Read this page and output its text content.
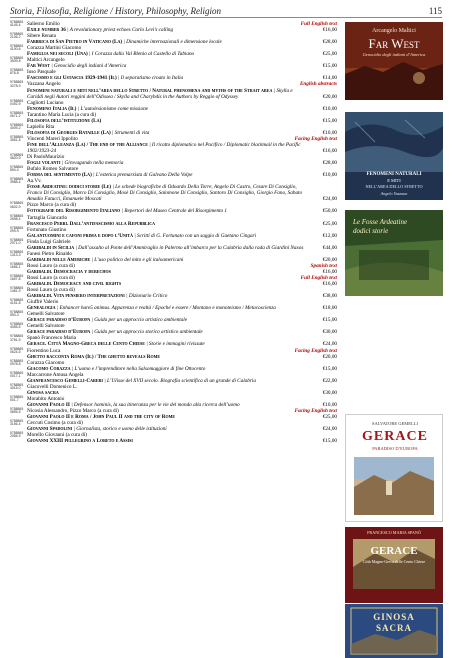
Storia, Filosofia, Religione / History, Philosophy, Religion	115
9788865
4145-4	Salierno Emilio	Full English text
Exile number 36 | A revolutionary priest echoes Carlo Levi’s calling	€16,00
9788865
2106-2	Sibere Renata
Fabbrica di San Pietro in Vaticano (La) | Dinamiche internazionali e dimensione locale	€28,00
9788865
4100-6	Corazza Martini Giacomo
Famiglia nei secoli (Una) | I Corazza dalla Val Blenio al Castello di Tabiano	€25,00
9788865
3509-8	Maltici Arcangelo
Far West | Genocidio degli indiani d’America	€15,00
9788865
876-8	Iuso Pasquale
Fascismo e gli Ustascia 1929-1941 (Il) | Il separatismo croato in Italia	€14,00
9788865
3278-9	Vazzana Angelo	English abstracts
Fenomeni naturali e miti nell’area dello Stretto / Natural phenomena and myths of the Strait area | Skylla e Cariddi negli Autori reggini dell’Odissea / Skylla and Charybdis in the Authors by Reggio of Odyssey	€20,00
9788865
0492-9	Cagliotti Luciano
Fenomeno Italia (Il) | L’autolesionismo come missione	€10,00
9788865
0671-2	Tarantino Maria Lucia (a cura di)
Filosofia dell’istituzione (La)	€15,00
9788865
4009-2	Lapiello Rita
Filosofia di Georges Bataille (La) | Strumenti di vita	€10,00
9788865
3551-8	Vincenti Mareri Ippolito	Facing English text
Fine dell’Alleanza (La) / The end of the Alliance | Il ricatto diplomatico nel Pacifico / Diplomatic blackmail in the Pacific 1902/1923-24	€16,00
9788865
4620-9	Di PaoloMaurizio
Fogli volanti | Girovagando nella memoria	€28,00
9788865
894-4	Bufalo Romeo Salvatore
Forma del sentimento (La) | L’estetica premarxista di Galvano Della Volpe	€10,00
9788865
3988-4	Aa.Vv.
Fosse Ardeatine: dodici storie (Le) | Le schede biografiche di Odoardo Della Torre, Angelo Di Castro, Cesare Di Consiglio, Franco Di Consiglio, Marco Di Consiglio, Mosè Di Consiglio, Salomone Di Consiglio, Santoro Di Consiglio, Giorgio Fano, Sabato Amadio Fatucci, Emanuele Moscati	€24,00
9788865
0602-9	Pizzo Marco (a cura di)
Fotografie del Risorgimento Italiano | Repertori del Museo Centrale del Risorgimento 1	€50,00
9788865
2698-4	Tartaglia Giancarlo
Francesco Perri. Dall’antifascismo alla Repubblica	€25,00
9788865
099-9	Fortunato Giustino
Galantuomini e cafoni prima e dopo l’Unità | Scritti di G. Fortunato con un saggio di Gaetano Cingari	€12,00
9788865
2971-0	Finda Luigi Gabriele
Garibaldi in Sicilia | Dall’assalto al Ponte dell’Ammiraglio in Palermo all’imbarco per la Calabria dalla rada di Giardini Naxos	€44,00
9788865
1313-3	Fanesi Pietro Rinaldo
Garibaldi nelle Americhe | L’uso politico del mito e gli italoamericani	€20,00
9788865
1656-1	Rossi Lauro (a cura di)	Spanish text
Garibaldi. Democracia y derechos	€16,00
9788865
1657-8	Rossi Lauro (a cura di)	Full English text
Garibaldi. Democracy and civil rights	€16,00
9788865
1481-9	Rossi Lauro (a cura di)
Garibaldi. Vita pensiero interpretazioni | Dizionario Critico	€38,00
9788865
4151-8	Giuffrè Valerio
Genealogia | Enhancer hare5 animus. Apparenza e realtà / Epoché e essere / Montano e monoteismo / Metacoscienza	€18,00
9788865
550-3	Gemelli Salvatore
Gerace paradiso d’Europa | Guida per un approccio artistico ambientale	€15,00
9788865
4055-5	Gemelli Salvatore
Gerace paradiso d’Europa | Guida per un approccio storico artistico ambientale	€30,00
9788865
3781-9	Spanò Francesco Maria
Gerace. Città Magno-Greca delle Cento Chiese | Storie e immagini rivissute	€24,00
9788865
0624-5	Fiorentino Luca	Facing English text
Ghetto racconta Roma (Il) / The ghetto reveals Rome	€20,00
9788865
0978-8	Corazza Giacomo
Giacomo Corazza | L’uomo e l’imprenditore nella Salsomaggiore di fine Ottocento	€15,00
9788865
0017-1	Maccarrone Amusa Angela
Gianfrancesco Gemelli-Careri | L’Ulisse del XVII secolo. Biografia scientifica di un grande di Calabria	€22,00
9788865
4015-0	Giacovelli Domenico L.
Ginosa sacra	€30,00
9788865
501-7	Morabito Antonio
Giovanni Paolo II | Defensor hominis, la sua itineranza per le vie del mondo alla ricerca dell’uomo	€10,00
9788865
0895-5	Nicosia Alessandro, Pizzo Marco (a cura di)	Facing English text
Giovanni Paolo II e Roma / John Paul II and the city of Rome	€25,00
9788865
3156-4	Ceccuti Cosimo (a cura di)
Giovanni Spadolini | Giornalista, storico e uomo delle istituzioni	€24,00
9788865
2056-9	Morello Giovanni (a cura di)
Giovanni XXIII pellegrino a Loreto e Assisi	€15,00
Arcangelo Maltici
Far West
Genocidio degli indiani d’America
FENOMENI NATURALI
E MITI
NELL’AREA DELLO STRETTO
Angelo Vazzana
Le Fosse Ardeatine
dodici storie
SALVATORE GEMELLI
GERACE
PARADISO D’EUROPA
FRANCESCO MARIA SPANÒ
GERACE
Città Magno-Greca delle Cento Chiese
GINOSA
SACRA
